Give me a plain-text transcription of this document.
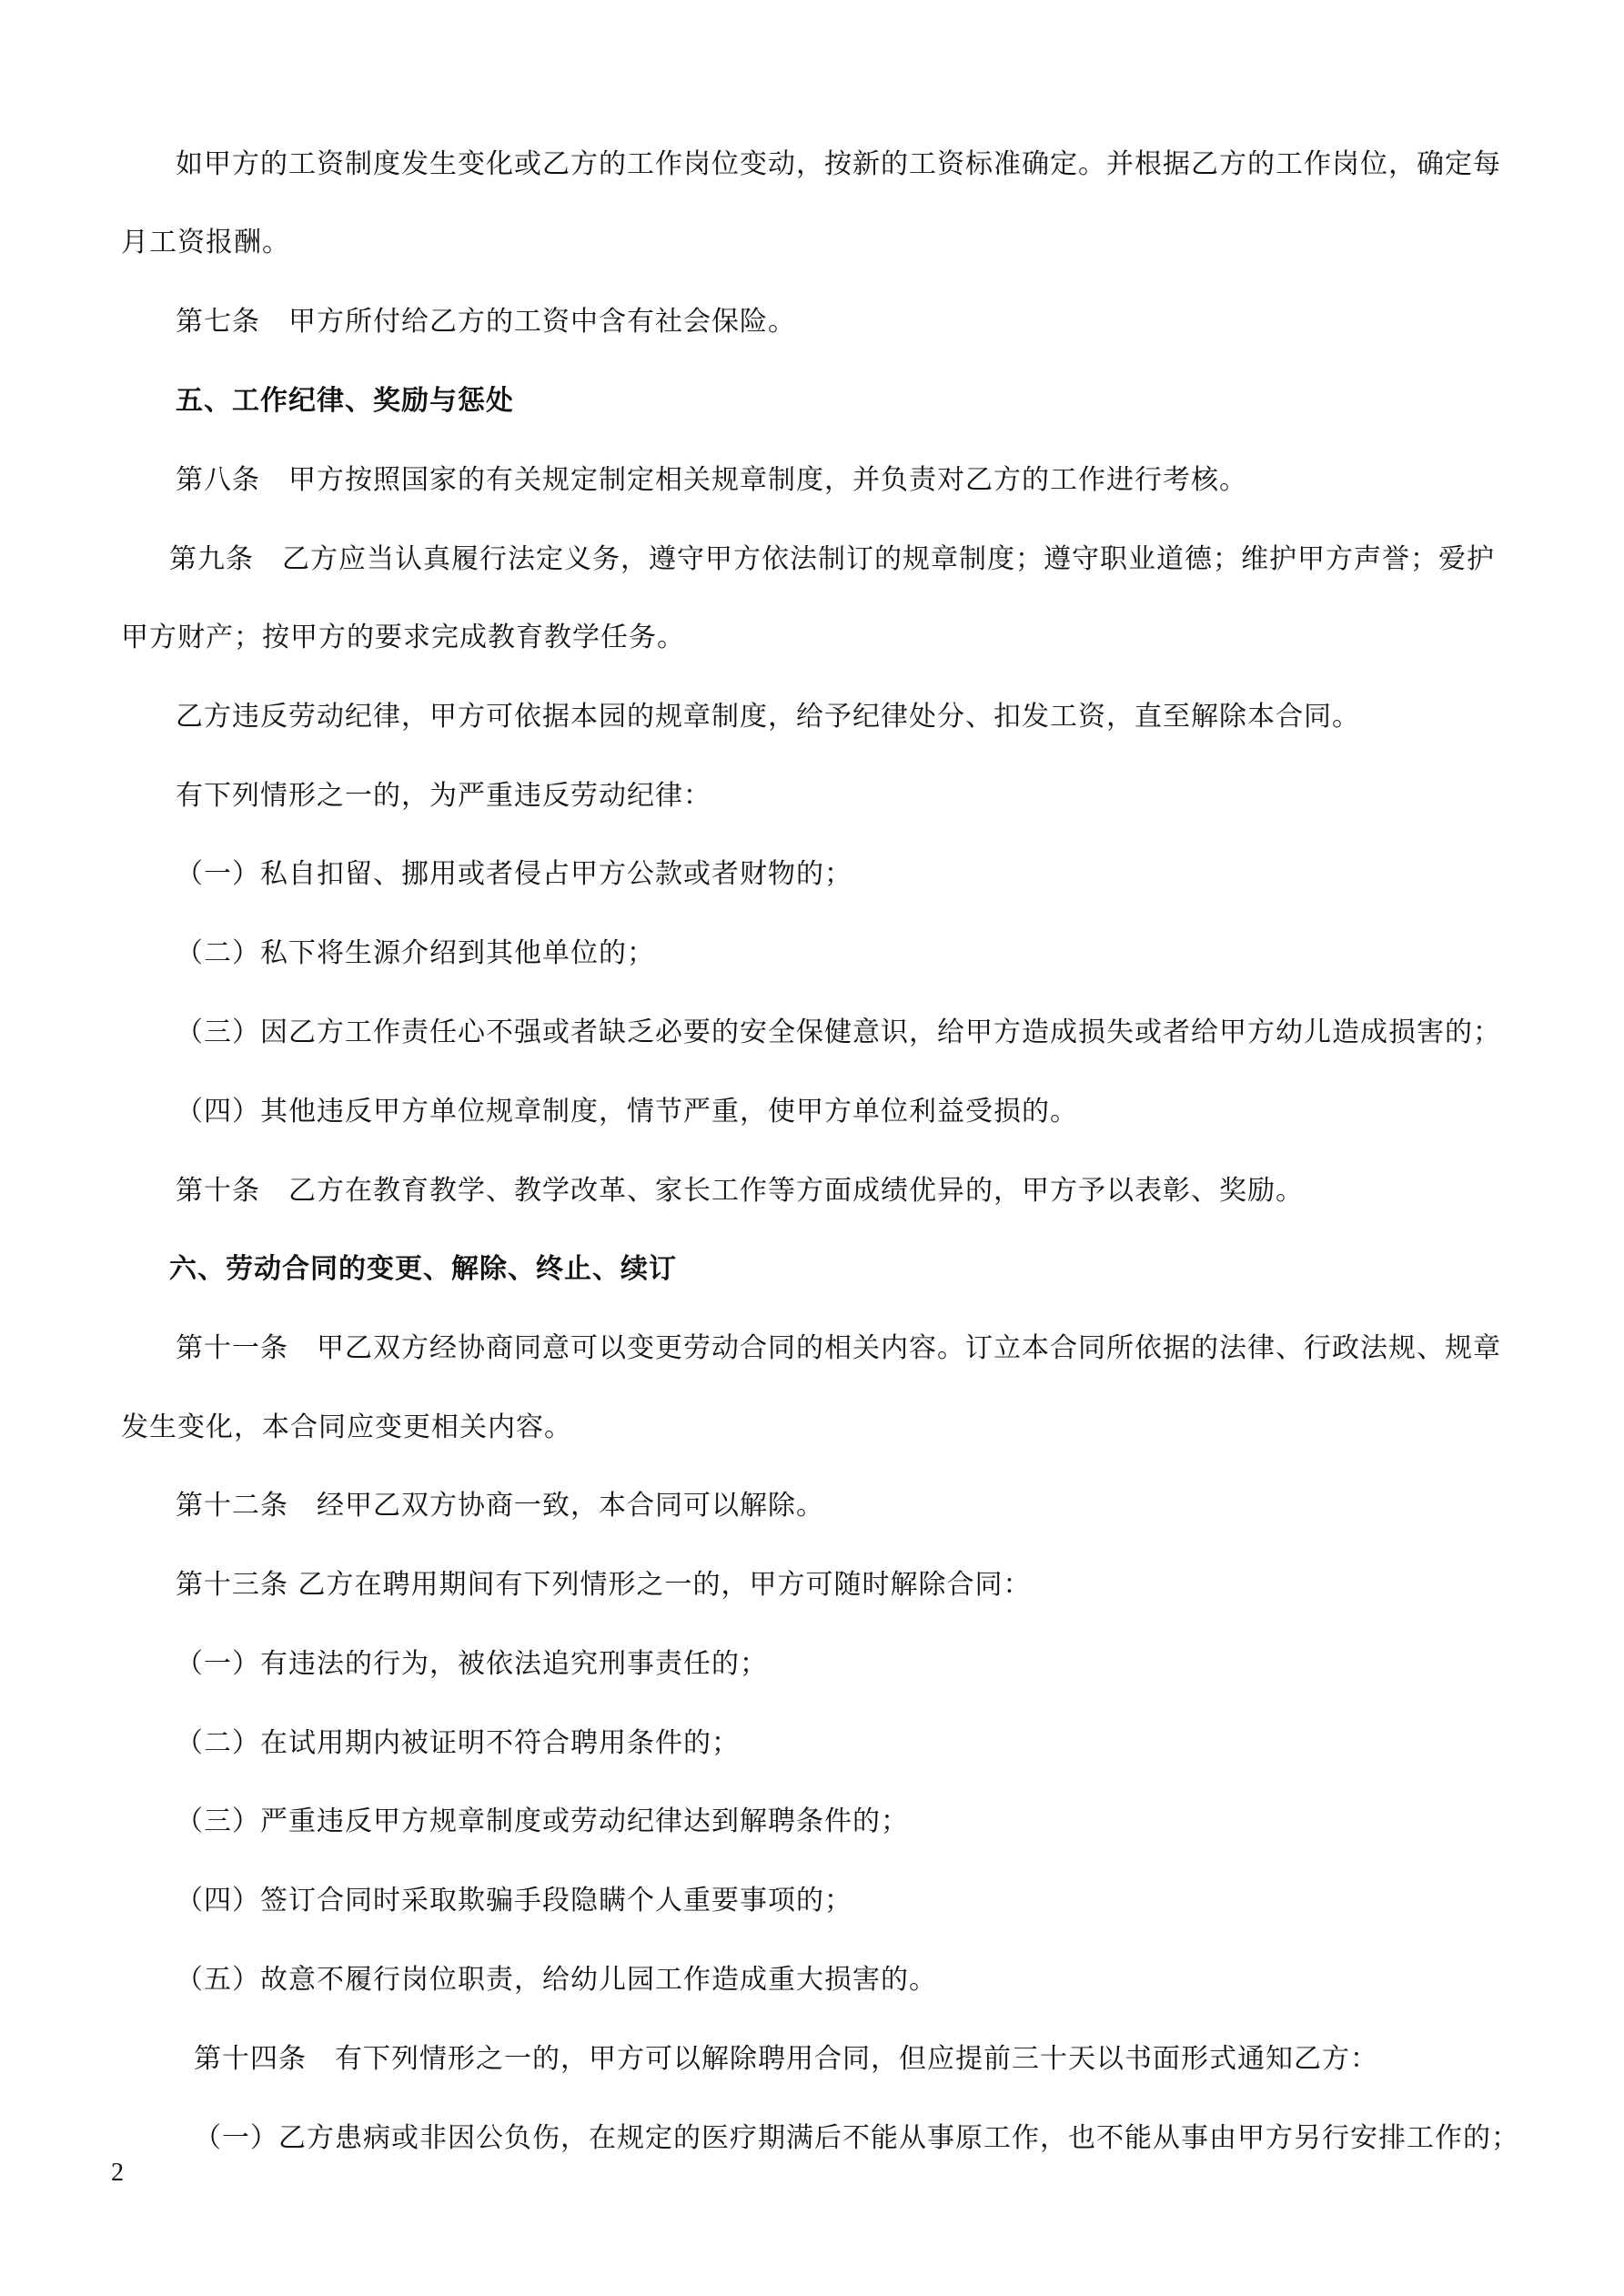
如甲方的工资制度发生变化或乙方的工作岗位变动，按新的工资标准确定。并根据乙方的工作岗位，确定每
月工资报酬。
第七条　甲方所付给乙方的工资中含有社会保险。
五、工作纪律、奖励与惩处
第八条　甲方按照国家的有关规定制定相关规章制度，并负责对乙方的工作进行考核。
第九条　乙方应当认真履行法定义务，遵守甲方依法制订的规章制度；遵守职业道德；维护甲方声誉；爱护
甲方财产；按甲方的要求完成教育教学任务。
乙方违反劳动纪律，甲方可依据本园的规章制度，给予纪律处分、扣发工资，直至解除本合同。
有下列情形之一的，为严重违反劳动纪律：
（一）私自扣留、挪用或者侵占甲方公款或者财物的；
（二）私下将生源介绍到其他单位的；
（三）因乙方工作责任心不强或者缺乏必要的安全保健意识，给甲方造成损失或者给甲方幼儿造成损害的；
（四）其他违反甲方单位规章制度，情节严重，使甲方单位利益受损的。
第十条　乙方在教育教学、教学改革、家长工作等方面成绩优异的，甲方予以表彰、奖励。
六、劳动合同的变更、解除、终止、续订
第十一条　甲乙双方经协商同意可以变更劳动合同的相关内容。订立本合同所依据的法律、行政法规、规章
发生变化，本合同应变更相关内容。
第十二条　经甲乙双方协商一致，本合同可以解除。
第十三条 乙方在聘用期间有下列情形之一的，甲方可随时解除合同：
（一）有违法的行为，被依法追究刑事责任的；
（二）在试用期内被证明不符合聘用条件的；
（三）严重违反甲方规章制度或劳动纪律达到解聘条件的；
（四）签订合同时采取欺骗手段隐瞒个人重要事项的；
（五）故意不履行岗位职责，给幼儿园工作造成重大损害的。
第十四条　有下列情形之一的，甲方可以解除聘用合同，但应提前三十天以书面形式通知乙方：
（一）乙方患病或非因公负伤，在规定的医疗期满后不能从事原工作，也不能从事由甲方另行安排工作的；
2
